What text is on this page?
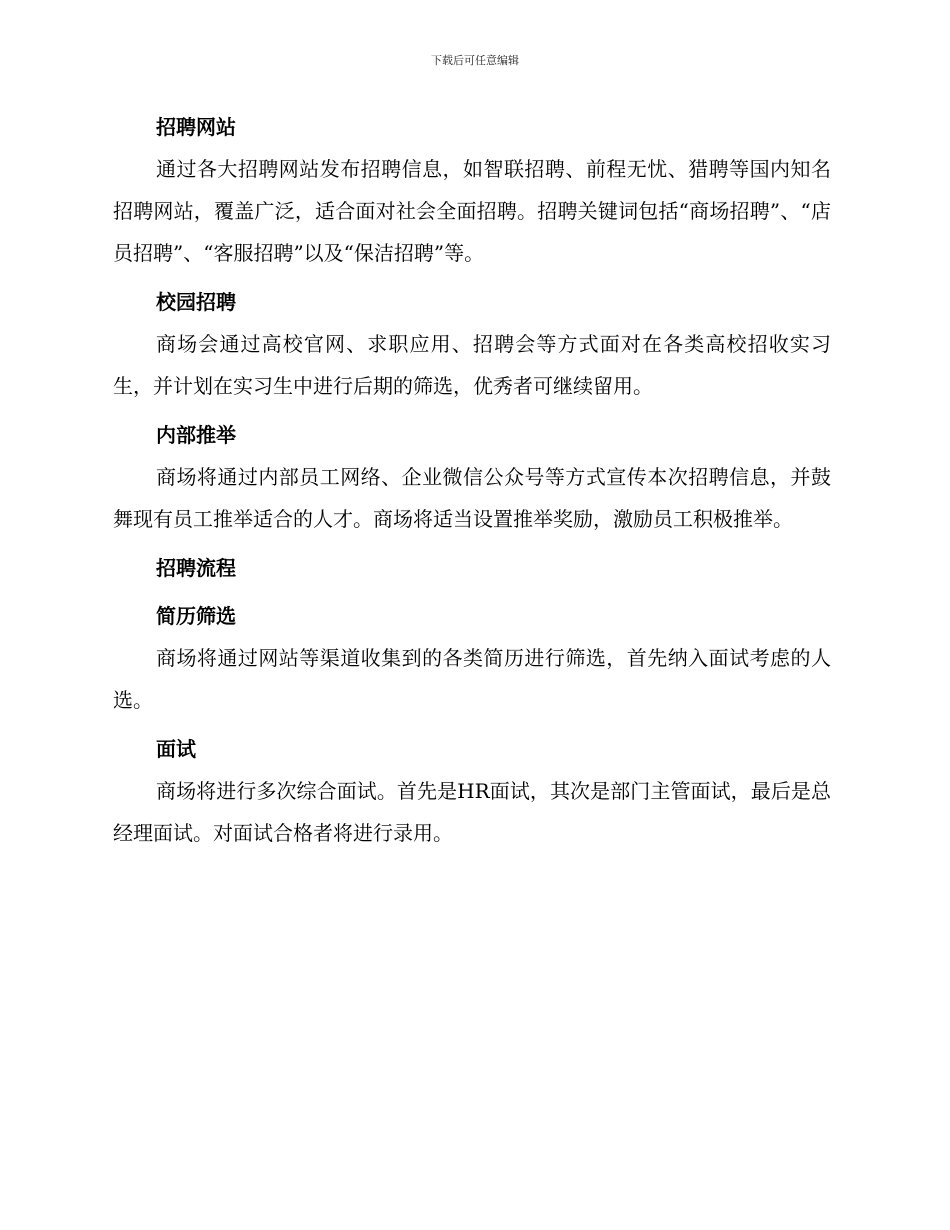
下载后可任意编辑
招聘网站

通过各大招聘网站发布招聘信息，如智联招聘、前程无忧、猎聘等国内知名招聘网站，覆盖广泛，适合面对社会全面招聘。招聘关键词包括“商场招聘”、“店员招聘”、“客服招聘”以及“保洁招聘”等。

校园招聘

商场会通过高校官网、求职应用、招聘会等方式面对在各类高校招收实习生，并计划在实习生中进行后期的筛选，优秀者可继续留用。

内部推举

商场将通过内部员工网络、企业微信公众号等方式宣传本次招聘信息，并鼓舞现有员工推举适合的人才。商场将适当设置推举奖励，激励员工积极推举。

招聘流程
简历筛选

商场将通过网站等渠道收集到的各类简历进行筛选，首先纳入面试考虑的人选。

面试

商场将进行多次综合面试。首先是HR面试，其次是部门主管面试，最后是总经理面试。对面试合格者将进行录用。
